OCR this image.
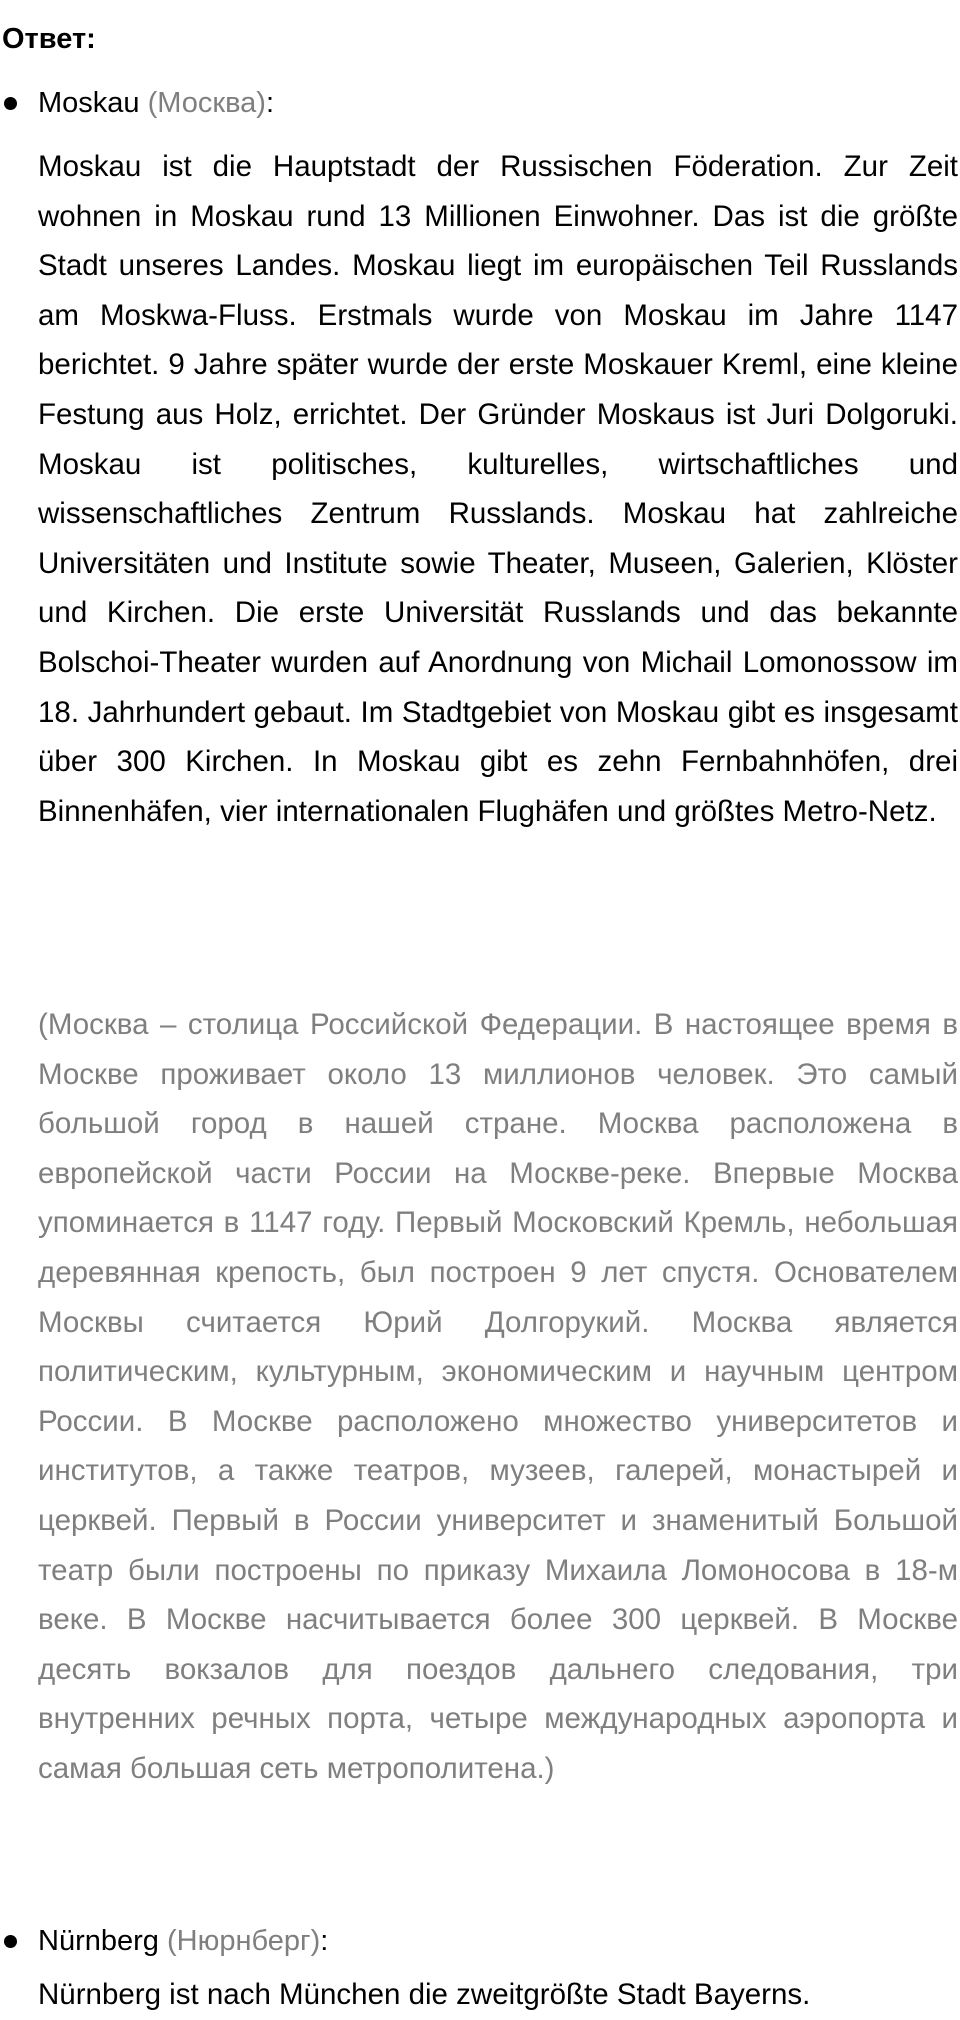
Ответ:
Moskau (Москва):

Moskau ist die Hauptstadt der Russischen Föderation. Zur Zeit wohnen in Moskau rund 13 Millionen Einwohner. Das ist die größte Stadt unseres Landes. Moskau liegt im europäischen Teil Russlands am Moskwa-Fluss. Erstmals wurde von Moskau im Jahre 1147 berichtet. 9 Jahre später wurde der erste Moskauer Kreml, eine kleine Festung aus Holz, errichtet. Der Gründer Moskaus ist Juri Dolgoruki. Moskau ist politisches, kulturelles, wirtschaftliches und wissenschaftliches Zentrum Russlands. Moskau hat zahlreiche Universitäten und Institute sowie Theater, Museen, Galerien, Klöster und Kirchen. Die erste Universität Russlands und das bekannte Bolschoi-Theater wurden auf Anordnung von Michail Lomonossow im 18. Jahrhundert gebaut. Im Stadtgebiet von Moskau gibt es insgesamt über 300 Kirchen. In Moskau gibt es zehn Fernbahnhöfen, drei Binnenhäfen, vier internationalen Flughäfen und größtes Metro-Netz.

(Москва – столица Российской Федерации. В настоящее время в Москве проживает около 13 миллионов человек. Это самый большой город в нашей стране. Москва расположена в европейской части России на Москве-реке. Впервые Москва упоминается в 1147 году. Первый Московский Кремль, небольшая деревянная крепость, был построен 9 лет спустя. Основателем Москвы считается Юрий Долгорукий. Москва является политическим, культурным, экономическим и научным центром России. В Москве расположено множество университетов и институтов, а также театров, музеев, галерей, монастырей и церквей. Первый в России университет и знаменитый Большой театр были построены по приказу Михаила Ломоносова в 18-м веке. В Москве насчитывается более 300 церквей. В Москве десять вокзалов для поездов дальнего следования, три внутренних речных порта, четыре международных аэропорта и самая большая сеть метрополитена.)

Nürnberg (Нюрнберг):

Nürnberg ist nach München die zweitgrößte Stadt Bayerns.
